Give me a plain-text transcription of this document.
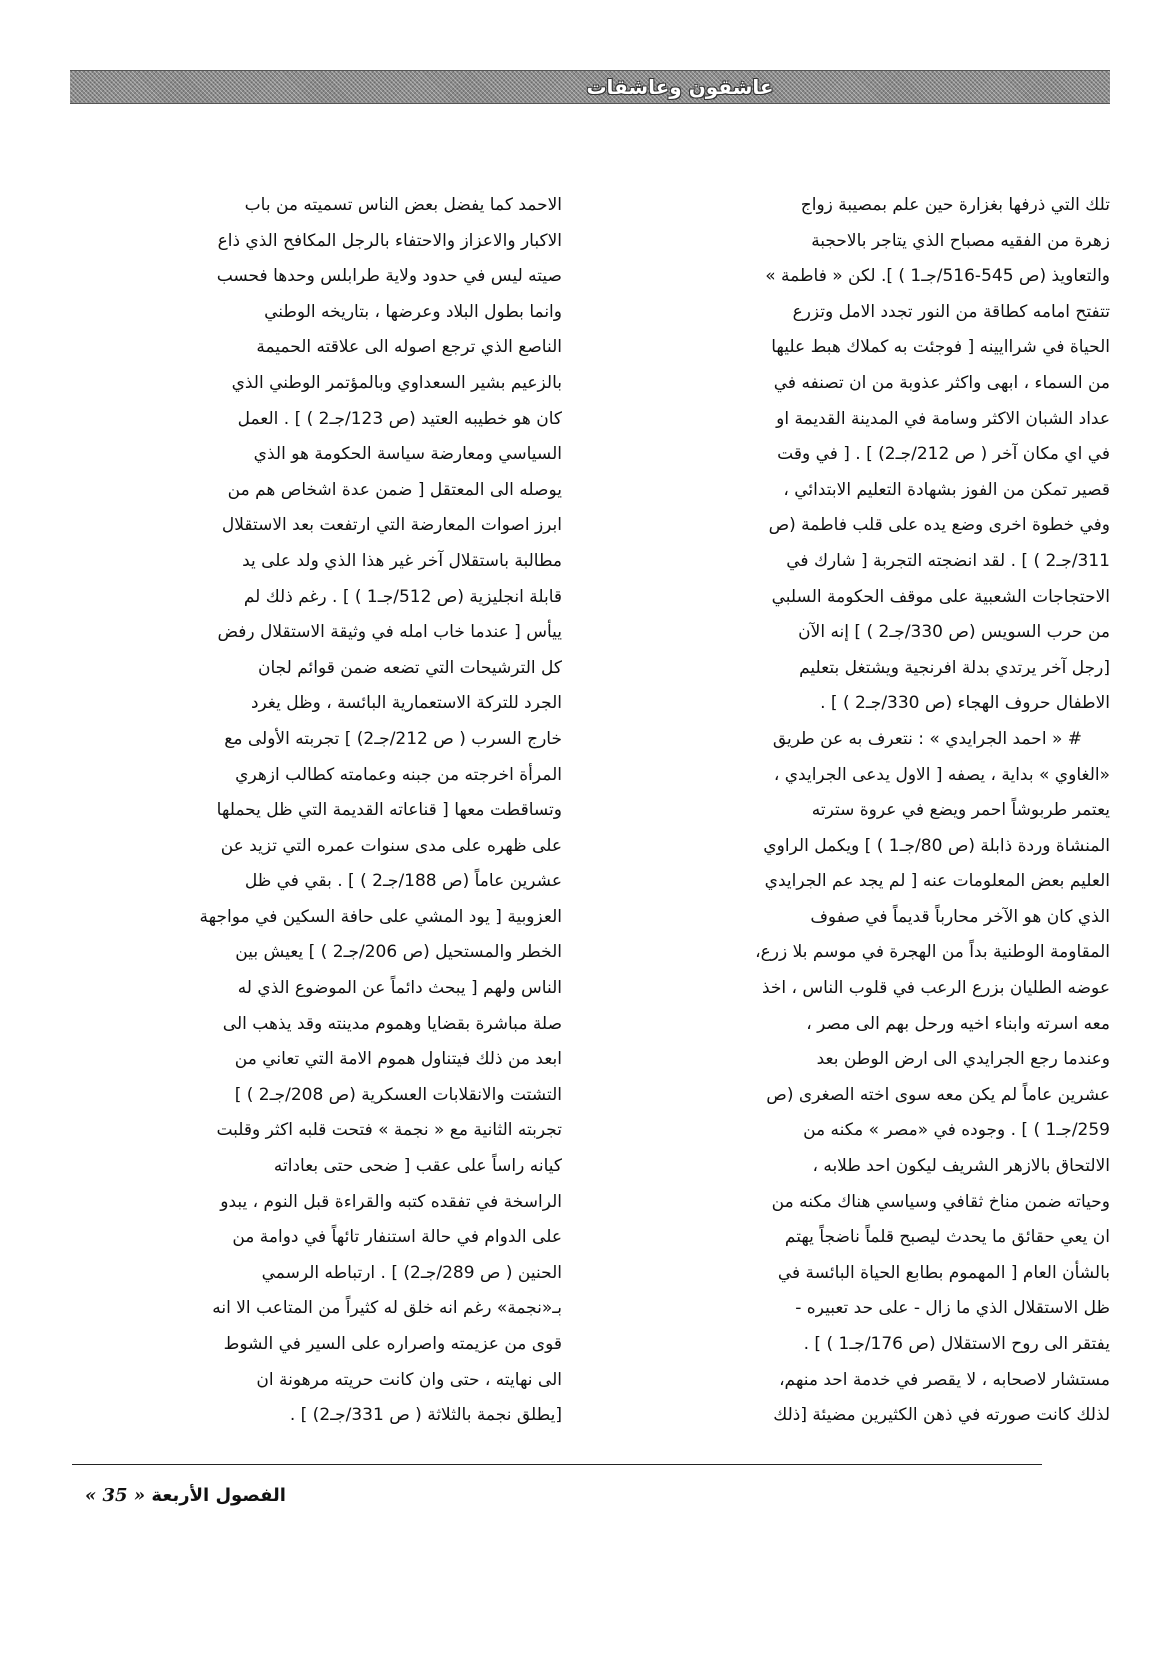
عاشقون وعاشقات
تلك التي ذرفها بغزارة حين علم بمصيبة زواج
زهرة من الفقيه مصباح الذي يتاجر بالاحجبة
والتعاويذ (ص 545-516/جـ1 ) ]. لكن « فاطمة »
تتفتح امامه كطاقة من النور تجدد الامل وتزرع
الحياة في شراايينه [ فوجئت به كملاك هبط عليها
من السماء ، ابهى واكثر عذوبة من ان تصنفه في
عداد الشبان الاكثر وسامة في المدينة القديمة او
في اي مكان آخر ( ص 212/جـ2) ] . [ في وقت
قصير تمكن من الفوز بشهادة التعليم الابتدائي ،
وفي خطوة اخرى وضع يده على قلب فاطمة (ص
311/جـ2 ) ] . لقد انضجته التجربة [ شارك في
الاحتجاجات الشعبية على موقف الحكومة السلبي
من حرب السويس (ص 330/جـ2 ) ] إنه الآن
[رجل آخر يرتدي بدلة افرنجية ويشتغل بتعليم
الاطفال حروف الهجاء (ص 330/جـ2 ) ] .
# « احمد الجرايدي » : نتعرف به عن طريق
«الغاوي » بداية ، يصفه [ الاول يدعى الجرايدي ،
يعتمر طربوشاً احمر ويضع في عروة سترته
المنشاة وردة ذابلة (ص 80/جـ1 ) ] ويكمل الراوي
العليم بعض المعلومات عنه [ لم يجد عم الجرايدي
الذي كان هو الآخر محارباً قديماً في صفوف
المقاومة الوطنية بداً من الهجرة في موسم بلا زرع،
عوضه الطليان بزرع الرعب في قلوب الناس ، اخذ
معه اسرته وابناء اخيه ورحل بهم الى مصر ،
وعندما رجع الجرايدي الى ارض الوطن بعد
عشرين عاماً لم يكن معه سوى اخته الصغرى (ص
259/جـ1 ) ] . وجوده في «مصر » مكنه من
الالتحاق بالازهر الشريف ليكون احد طلابه ،
وحياته ضمن مناخ ثقافي وسياسي هناك مكنه من
ان يعي حقائق ما يحدث ليصبح قلماً ناضجاً يهتم
بالشأن العام [ المهموم بطابع الحياة البائسة في
ظل الاستقلال الذي ما زال - على حد تعبيره -
يفتقر الى روح الاستقلال (ص 176/جـ1 ) ] .
مستشار لاصحابه ، لا يقصر في خدمة احد منهم،
لذلك كانت صورته في ذهن الكثيرين مضيئة [ذلك
الاحمد كما يفضل بعض الناس تسميته من باب
الاكبار والاعزاز والاحتفاء بالرجل المكافح الذي ذاع
صيته ليس في حدود ولاية طرابلس وحدها فحسب
وانما بطول البلاد وعرضها ، بتاريخه الوطني
الناصع الذي ترجع اصوله الى علاقته الحميمة
بالزعيم بشير السعداوي وبالمؤتمر الوطني الذي
كان هو خطيبه العتيد (ص 123/جـ2 ) ] . العمل
السياسي ومعارضة سياسة الحكومة هو الذي
يوصله الى المعتقل [ ضمن عدة اشخاص هم من
ابرز اصوات المعارضة التي ارتفعت بعد الاستقلال
مطالبة باستقلال آخر غير هذا الذي ولد على يد
قابلة انجليزية (ص 512/جـ1 ) ] . رغم ذلك لم
ييأس [ عندما خاب امله في وثيقة الاستقلال رفض
كل الترشيحات التي تضعه ضمن قوائم لجان
الجرد للتركة الاستعمارية البائسة ، وظل يغرد
خارج السرب ( ص 212/جـ2) ] تجربته الأولى مع
المرأة اخرجته من جبنه وعمامته كطالب ازهري
وتساقطت معها [ قناعاته القديمة التي ظل يحملها
على ظهره على مدى سنوات عمره التي تزيد عن
عشرين عاماً (ص 188/جـ2 ) ] . بقي في ظل
العزوبية [ يود المشي على حافة السكين في مواجهة
الخطر والمستحيل (ص 206/جـ2 ) ] يعيش بين
الناس ولهم [ يبحث دائماً عن الموضوع الذي له
صلة مباشرة بقضايا وهموم مدينته وقد يذهب الى
ابعد من ذلك فيتناول هموم الامة التي تعاني من
التشتت والانقلابات العسكرية (ص 208/جـ2 ) ]
تجربته الثانية مع « نجمة » فتحت قلبه اكثر وقلبت
كيانه راساً على عقب [ ضحى حتى بعاداته
الراسخة في تفقده كتبه والقراءة قبل النوم ، يبدو
على الدوام في حالة استنفار تائهاً في دوامة من
الحنين ( ص 289/جـ2) ] . ارتباطه الرسمي
بـ«نجمة» رغم انه خلق له كثيراً من المتاعب الا انه
قوى من عزيمته واصراره على السير في الشوط
الى نهايته ، حتى وان كانت حريته مرهونة ان
[يطلق نجمة بالثلاثة ( ص 331/جـ2) ] .
الفصول الأربعة « 35 »
